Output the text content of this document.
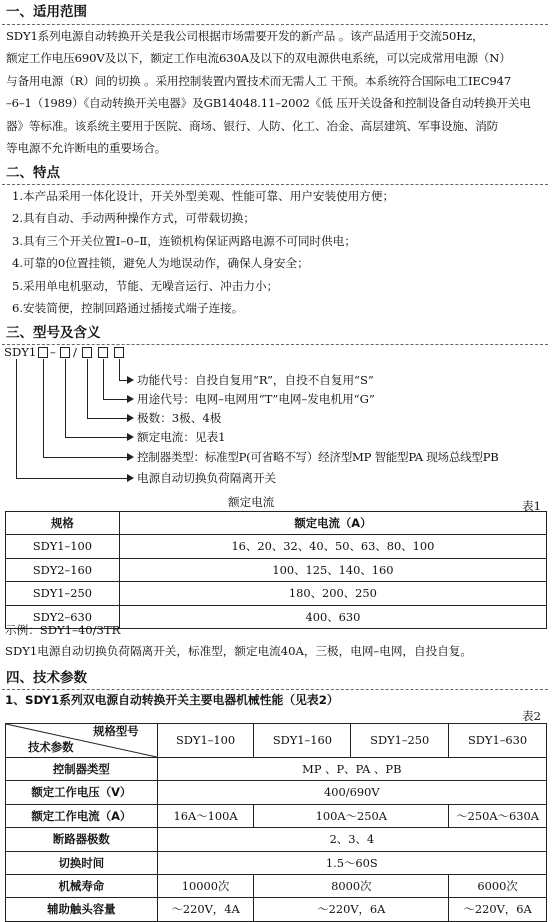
一、适用范围
SDY1系列电源自动转换开关是我公司根据市场需要开发的新产品 。该产品适用于交流50Hz，
额定工作电压690V及以下，额定工作电流630A及以下的双电源供电系统，可以完成常用电源（N）
与备用电源（R）间的切换 。采用控制装置内置技术而无需人工 干预。本系统符合国际电工IEC947
–6–1（1989）《自动转换开关电器》及GB14048.11–2002《低 压开关设备和控制设备自动转换开关电
器》等标准。该系统主要用于医院、商场、银行、人防、化工、冶金、高层建筑、军事设施、消防
等电源不允许断电的重要场合。
二、特点
1.本产品采用一体化设计，开关外型美观、性能可靠、用户安装使用方便；
2.具有自动、手动两种操作方式，可带载切换；
3.具有三个开关位置Ⅰ–0–Ⅱ，连锁机构保证两路电源不可同时供电；
4.可靠的0位置挂锁，避免人为地误动作，确保人身安全；
5.采用单电机驱动，节能、无噪音运行、冲击力小；
6.安装简便，控制回路通过插接式端子连接。
三、型号及含义
SDY1 – /
功能代号：自投自复用“R”，自投不自复用“S”
用途代号：电网–电网用“T”电网–发电机用“G”
极数：3极、4极
额定电流：见表1
控制器类型：标准型P(可省略不写）经济型MP 智能型PA 现场总线型PB
电源自动切换负荷隔离开关
额定电流	表1
规格	额定电流（A）
SDY1–100	16、20、32、40、50、63、80、100
SDY2–160	100、125、140、160
SDY1–250	180、200、250
SDY2–630	400、630
示例：SDY1–40/3TR
SDY1电源自动切换负荷隔离开关，标准型，额定电流40A，三极，电网–电网，自投自复。
四、技术参数
1、SDY1系列双电源自动转换开关主要电器机械性能（见表2）
表2
规格型号
技术参数	SDY1–100	SDY1–160	SDY1–250	SDY1–630
控制器类型	MP 、P、PA 、PB			
额定工作电压（V）	400/690V			
额定工作电流（A）	16A～100A	100A～250A		～250A～630A
断路器极数	2、3、4			
切换时间	1.5～60S			
机械寿命	10000次	8000次		6000次
辅助触头容量	～220V，4A	～220V，6A		～220V，6A
